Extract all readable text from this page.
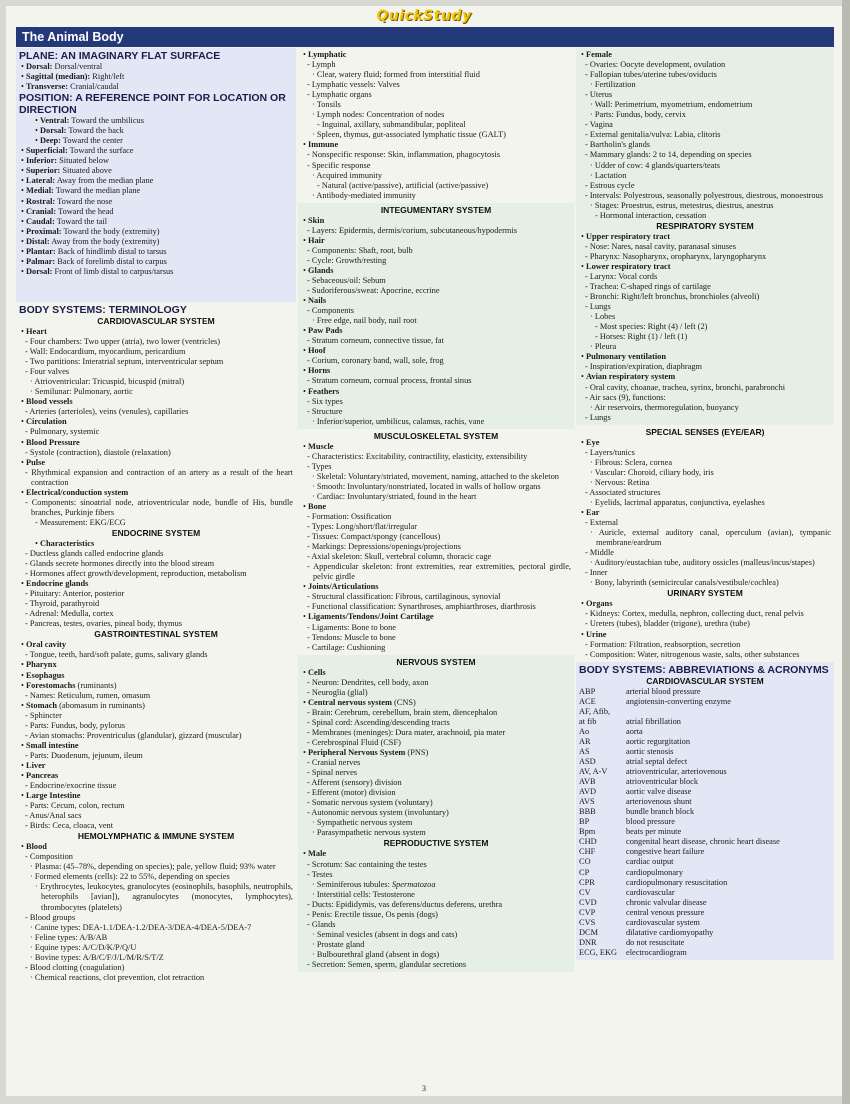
QuickStudy
The Animal Body
PLANE: AN IMAGINARY FLAT SURFACE
• Dorsal: Dorsal/ventral
• Sagittal (median): Right/left
• Transverse: Cranial/caudal
POSITION: A REFERENCE POINT FOR LOCATION OR DIRECTION
• Ventral: Toward the umbilicus
• Dorsal: Toward the back
• Deep: Toward the center
• Superficial: Toward the surface
• Inferior: Situated below
• Superior: Situated above
• Lateral: Away from the median plane
• Medial: Toward the median plane
• Rostral: Toward the nose
• Cranial: Toward the head
• Caudal: Toward the tail
• Proximal: Toward the body (extremity)
• Distal: Away from the body (extremity)
• Plantar: Back of hindlimb distal to tarsus
• Palmar: Back of forelimb distal to carpus
• Dorsal: Front of limb distal to carpus/tarsus
BODY SYSTEMS: TERMINOLOGY
CARDIOVASCULAR SYSTEM
• Heart
- Four chambers: Two upper (atria), two lower (ventricles)
- Wall: Endocardium, myocardium, pericardium
- Two partitions: Interatrial septum, interventricular septum
- Four valves
· Atrioventricular: Tricuspid, bicuspid (mitral)
· Semilunar: Pulmonary, aortic
• Blood vessels
- Arteries (arterioles), veins (venules), capillaries
• Circulation
- Pulmonary, systemic
• Blood Pressure
- Systole (contraction), diastole (relaxation)
• Pulse
- Rhythmical expansion and contraction of an artery as a result of the heart contraction
• Electrical/conduction system
- Components: sinoatrial node, atrioventricular node, bundle of His, bundle branches, Purkinje fibers
- Measurement: EKG/ECG
ENDOCRINE SYSTEM
• Characteristics
- Ductless glands called endocrine glands
- Glands secrete hormones directly into the blood stream
- Hormones affect growth/development, reproduction, metabolism
• Endocrine glands
- Pituitary: Anterior, posterior
- Thyroid, parathyroid
- Adrenal: Medulla, cortex
- Pancreas, testes, ovaries, pineal body, thymus
GASTROINTESTINAL SYSTEM
• Oral cavity
- Tongue, teeth, hard/soft palate, gums, salivary glands
• Pharynx
• Esophagus
• Forestomachs (ruminants)
- Names: Reticulum, rumen, omasum
• Stomach (abomasum in ruminants)
- Sphincter
- Parts: Fundus, body, pylorus
- Avian stomachs: Proventriculus (glandular), gizzard (muscular)
• Small intestine
- Parts: Duodenum, jejunum, ileum
• Liver
• Pancreas
- Endocrine/exocrine tissue
• Large Intestine
- Parts: Cecum, colon, rectum
- Anus/Anal sacs
- Birds: Ceca, cloaca, vent
HEMOLYMPHATIC & IMMUNE SYSTEM
• Blood
- Composition
· Plasma: (45–78%, depending on species); pale, yellow fluid; 93% water
· Formed elements (cells): 22 to 55%, depending on species
· Erythrocytes, leukocytes, granulocytes (eosinophils, basophils, neutrophils, heterophils [avian]), agranulocytes (monocytes, lymphocytes), thrombocytes (platelets)
- Blood groups
· Canine types: DEA-1.1/DEA-1.2/DEA-3/DEA-4/DEA-5/DEA-7
· Feline types: A/B/AB
· Equine types: A/C/D/K/P/Q/U
· Bovine types: A/B/C/F/J/L/M/R/S/T/Z
- Blood clotting (coagulation)
· Chemical reactions, clot prevention, clot retraction
• Lymphatic
- Lymph
· Clear, watery fluid; formed from interstitial fluid
- Lymphatic vessels: Valves
- Lymphatic organs
· Tonsils
· Lymph nodes: Concentration of nodes
- Inguinal, axillary, submandibular, popliteal
· Spleen, thymus, gut-associated lymphatic tissue (GALT)
• Immune
- Nonspecific response: Skin, inflammation, phagocytosis
- Specific response
· Acquired immunity
- Natural (active/passive), artificial (active/passive)
· Antibody-mediated immunity
INTEGUMENTARY SYSTEM
• Skin
- Layers: Epidermis, dermis/corium, subcutaneous/hypodermis
• Hair
- Components: Shaft, root, bulb
- Cycle: Growth/resting
• Glands
- Sebaceous/oil: Sebum
- Sudoriferous/sweat: Apocrine, eccrine
• Nails
- Components
· Free edge, nail body, nail root
• Paw Pads
- Stratum corneum, connective tissue, fat
• Hoof
- Corium, coronary band, wall, sole, frog
• Horns
- Stratum corneum, cornual process, frontal sinus
• Feathers
- Six types
- Structure
· Inferior/superior, umbilicus, calamus, rachis, vane
MUSCULOSKELETAL SYSTEM
• Muscle
- Characteristics: Excitability, contractility, elasticity, extensibility
- Types
· Skeletal: Voluntary/striated, movement, naming, attached to the skeleton
· Smooth: Involuntary/nonstriated, located in walls of hollow organs
· Cardiac: Involuntary/striated, found in the heart
• Bone
- Formation: Ossification
- Types: Long/short/flat/irregular
- Tissues: Compact/spongy (cancellous)
- Markings: Depressions/openings/projections
- Axial skeleton: Skull, vertebral column, thoracic cage
- Appendicular skeleton: front extremities, rear extremities, pectoral girdle, pelvic girdle
• Joints/Articulations
- Structural classification: Fibrous, cartilaginous, synovial
- Functional classification: Synarthroses, amphiarthroses, diarthrosis
• Ligaments/Tendons/Joint Cartilage
- Ligaments: Bone to bone
- Tendons: Muscle to bone
- Cartilage: Cushioning
NERVOUS SYSTEM
• Cells
- Neuron: Dendrites, cell body, axon
- Neuroglia (glial)
• Central nervous system (CNS)
- Brain: Cerebrum, cerebellum, brain stem, diencephalon
- Spinal cord: Ascending/descending tracts
- Membranes (meninges): Dura mater, arachnoid, pia mater
- Cerebrospinal Fluid (CSF)
• Peripheral Nervous System (PNS)
- Cranial nerves
- Spinal nerves
- Afferent (sensory) division
- Efferent (motor) division
- Somatic nervous system (voluntary)
- Autonomic nervous system (involuntary)
· Sympathetic nervous system
· Parasympathetic nervous system
REPRODUCTIVE SYSTEM
• Male
- Scrotum: Sac containing the testes
- Testes
· Seminiferous tubules: Spermatozoa
· Interstitial cells: Testosterone
- Ducts: Epididymis, vas deferens/ductus deferens, urethra
- Penis: Erectile tissue, Os penis (dogs)
- Glands
· Seminal vesicles (absent in dogs and cats)
· Prostate gland
· Bulbourethral gland (absent in dogs)
- Secretion: Semen, sperm, glandular secretions
• Female
- Ovaries: Oocyte development, ovulation
- Fallopian tubes/uterine tubes/oviducts
· Fertilization
- Uterus
· Wall: Perimetrium, myometrium, endometrium
· Parts: Fundus, body, cervix
- Vagina
- External genitalia/vulva: Labia, clitoris
- Bartholin's glands
- Mammary glands: 2 to 14, depending on species
· Udder of cow: 4 glands/quarters/teats
· Lactation
- Estrous cycle
- Intervals: Polyestrous, seasonally polyestrous, diestrous, monoestrous
· Stages: Proestrus, estrus, metestrus, diestrus, anestrus
- Hormonal interaction, cessation
RESPIRATORY SYSTEM
• Upper respiratory tract
- Nose: Nares, nasal cavity, paranasal sinuses
- Pharynx: Nasopharynx, oropharynx, laryngopharynx
• Lower respiratory tract
- Larynx: Vocal cords
- Trachea: C-shaped rings of cartilage
- Bronchi: Right/left bronchus, bronchioles (alveoli)
- Lungs
· Lobes
- Most species: Right (4) / left (2)
- Horses: Right (1) / left (1)
· Pleura
• Pulmonary ventilation
- Inspiration/expiration, diaphragm
• Avian respiratory system
- Oral cavity, choanae, trachea, syrinx, bronchi, parabronchi
- Air sacs (9), functions:
· Air reservoirs, thermoregulation, buoyancy
- Lungs
SPECIAL SENSES (EYE/EAR)
• Eye
- Layers/tunics
· Fibrous: Sclera, cornea
· Vascular: Choroid, ciliary body, iris
· Nervous: Retina
- Associated structures
· Eyelids, lacrimal apparatus, conjunctiva, eyelashes
• Ear
- External
· Auricle, external auditory canal, operculum (avian), tympanic membrane/eardrum
- Middle
· Auditory/eustachian tube, auditory ossicles (malleus/incus/stapes)
- Inner
· Bony, labyrinth (semicircular canals/vestibule/cochlea)
URINARY SYSTEM
• Organs
- Kidneys: Cortex, medulla, nephron, collecting duct, renal pelvis
- Ureters (tubes), bladder (trigone), urethra (tube)
• Urine
- Formation: Filtration, reabsorption, secretion
- Composition: Water, nitrogenous waste, salts, other substances
BODY SYSTEMS: ABBREVIATIONS & ACRONYMS
CARDIOVASCULAR SYSTEM
ABP	arterial blood pressure
ACE	angiotensin-converting enzyme
AF, Afib,
at fib	atrial fibrillation
Ao	aorta
AR	aortic regurgitation
AS	aortic stenosis
ASD	atrial septal defect
AV, A-V	atrioventricular, arteriovenous
AVB	atrioventricular block
AVD	aortic valve disease
AVS	arteriovenous shunt
BBB	bundle branch block
BP	blood pressure
Bpm	beats per minute
CHD	congenital heart disease, chronic heart disease
CHF	congestive heart failure
CO	cardiac output
CP	cardiopulmonary
CPR	cardiopulmonary resuscitation
CV	cardiovascular
CVD	chronic valvular disease
CVP	central venous pressure
CVS	cardiovascular system
DCM	dilatative cardiomyopathy
DNR	do not resuscitate
ECG, EKG	electrocardiogram
3
